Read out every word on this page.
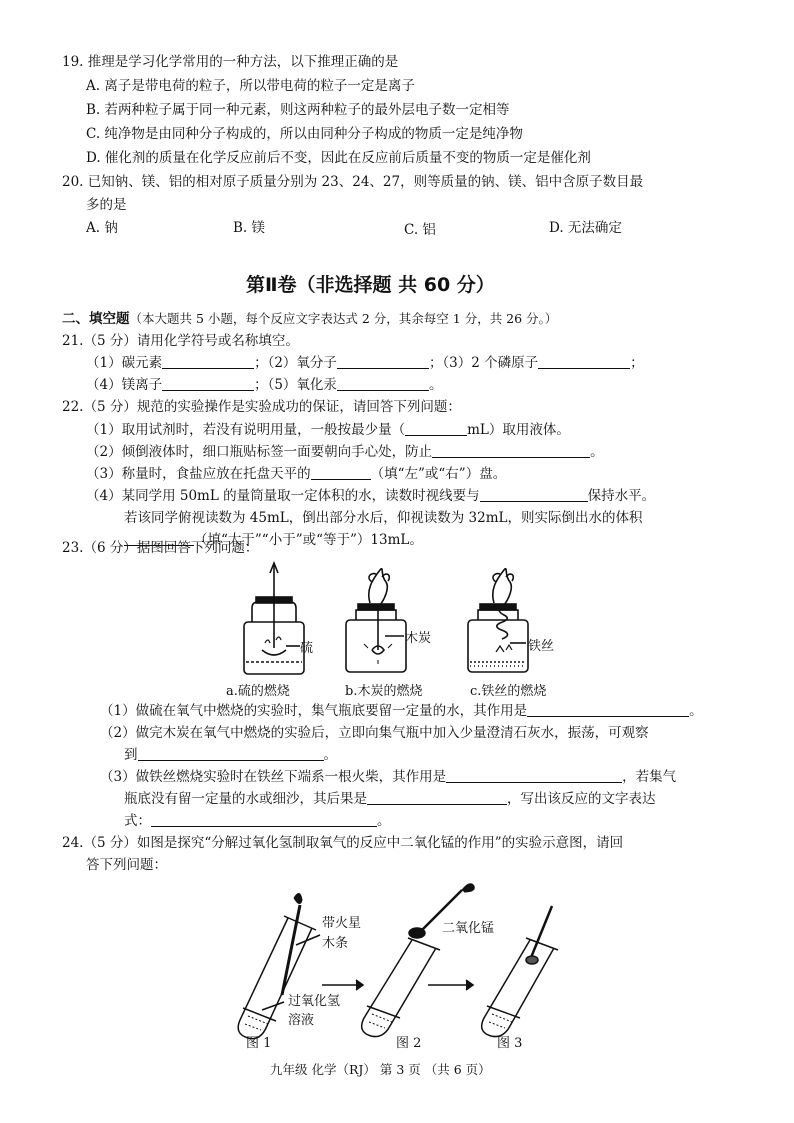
19. 推理是学习化学常用的一种方法，以下推理正确的是
A. 离子是带电荷的粒子，所以带电荷的粒子一定是离子
B. 若两种粒子属于同一种元素，则这两种粒子的最外层电子数一定相等
C. 纯净物是由同种分子构成的，所以由同种分子构成的物质一定是纯净物
D. 催化剂的质量在化学反应前后不变，因此在反应前后质量不变的物质一定是催化剂
20. 已知钠、镁、铝的相对原子质量分别为 23、24、27，则等质量的钠、镁、铝中含原子数目最
多的是
A. 钠	B. 镁	C. 铝	D. 无法确定
第Ⅱ卷（非选择题 共 60 分）
二、填空题（本大题共 5 小题，每个反应文字表达式 2 分，其余每空 1 分，共 26 分。）
21.（5 分）请用化学符号或名称填空。
（1）碳元素	；（2）氧分子	；（3）2 个磷原子	；
（4）镁离子	；（5）氧化汞	。
22.（5 分）规范的实验操作是实验成功的保证，请回答下列问题：
（1）取用试剂时，若没有说明用量，一般按最少量（	mL）取用液体。
（2）倾倒液体时，细口瓶贴标签一面要朝向手心处，防止	。
（3）称量时，食盐应放在托盘天平的	（填“左”或“右”）盘。
（4）某同学用 50mL 的量筒量取一定体积的水，读数时视线要与	保持水平。
若该同学俯视读数为 45mL，倒出部分水后，仰视读数为 32mL，则实际倒出水的体积
（填“大于”“小于”或“等于”）13mL。
23.（6 分）据图回答下列问题：
硫
木炭
铁丝
a.硫的燃烧	b.木炭的燃烧	c.铁丝的燃烧
（1）做硫在氧气中燃烧的实验时，集气瓶底要留一定量的水，其作用是	。
（2）做完木炭在氧气中燃烧的实验后，立即向集气瓶中加入少量澄清石灰水，振荡，可观察
到	。
（3）做铁丝燃烧实验时在铁丝下端系一根火柴，其作用是	，若集气
瓶底没有留一定量的水或细沙，其后果是	，写出该反应的文字表达
式：	。
24.（5 分）如图是探究“分解过氧化氢制取氧气的反应中二氧化锰的作用”的实验示意图，请回
答下列问题：
带火星
木条
二氧化锰
过氧化氢
溶液
图 1	图 2	图 3
九年级 化学（RJ） 第 3 页 （共 6 页）
